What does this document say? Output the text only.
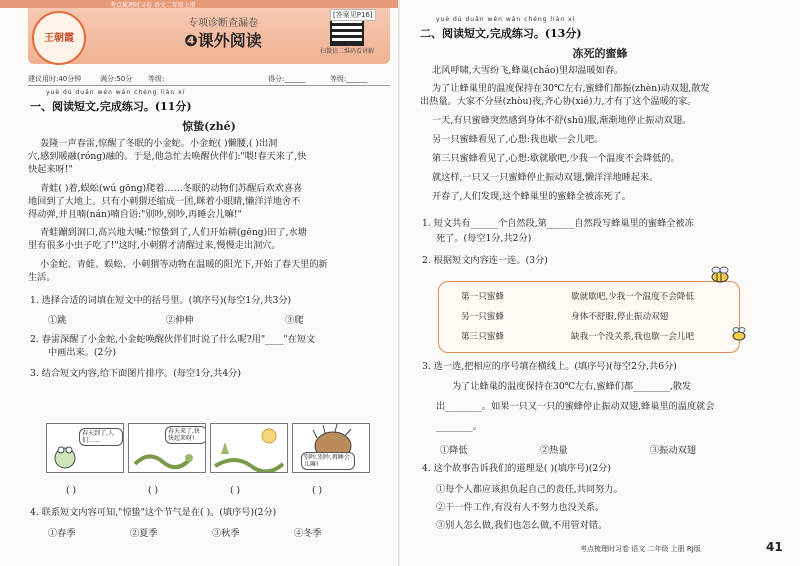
王朝霞
专项诊断查漏卷
❹课外阅读
扫微信二维码看讲解
[答案见P16]
建议用时:40分钟	满分:50分 等级:	得分:______	等级:______
yuè dú duǎn wén wán chéng liàn xí
一、阅读短文,完成练习。(11分)
惊蛰(zhé)
轰隆一声春雷,惊醒了冬眠的小金蛇。小金蛇( )懒腰,( )出洞
穴,感到暖融(róng)融的。于是,他急忙去唤醒伙伴们:"喂!春天来了,快
快起来呀!"
青蛙( )着,蜈蚣(wú gōng)爬着……冬眠的动物们苏醒后欢欢喜喜
地回到了大地上。只有小刺猬还缩成一团,眯着小眼睛,懒洋洋地舍不
得动弹,并且喃(nán)喃自语:"别吵,别吵,再睡会儿嘛!"
青蛙蹦到洞口,高兴地大喊:"惊蛰到了,人们开始耕(gēng)田了,水塘
里有很多小虫子吃了!"这时,小刺猬才清醒过来,慢慢走出洞穴。
小金蛇、青蛙、蜈蚣、小刺猬等动物在温暖的阳光下,开始了春天里的新
生活。
1. 选择合适的词填在短文中的括号里。(填序号)(每空1分,共3分)
①跳	②伸伸	③爬
2. 春雷深醒了小金蛇,小金蛇唤醒伙伴们时说了什么呢?用"____"在短文
中画出来。(2分)
3. 结合短文内容,给下面图片排序。(每空1分,共4分)
春天到了,人们……
春天来了,快快起来呀!
别吵,别吵,再睡会儿嘛!
( )	( )	( )	( )
4. 联系短文内容可知,"惊蛰"这个节气是在( )。(填序号)(2分)
①春季	②夏季	③秋季	④冬季
yuè dú duǎn wén wán chéng liàn xí
二、阅读短文,完成练习。(13分)
冻死的蜜蜂
北风呼啸,大雪纷飞,蜂巢(cháo)里却温暖如春。
为了让蜂巢里的温度保持在30℃左右,蜜蜂们都振(zhèn)动双翅,散发
出热量。大家不分昼(zhòu)夜,齐心协(xié)力,才有了这个温暖的家。
一天,有只蜜蜂突然感到身体不舒(shū)服,渐渐地停止振动双翅。
另一只蜜蜂看见了,心想:我也歇一会儿吧。
第三只蜜蜂看见了,心想:歇就歇吧,少我一个温度不会降低的。
就这样,一只又一只蜜蜂停止振动双翅,懒洋洋地睡起来。
开春了,人们发现,这个蜂巢里的蜜蜂全被冻死了。
1. 短文共有______个自然段,第______自然段写蜂巢里的蜜蜂全被冻
死了。(每空1分,共2分)
2. 根据短文内容连一连。(3分)
第一只蜜蜂
另一只蜜蜂
第三只蜜蜂
歇就歇吧,少我一个温度不会降低
身体不舒服,停止振动双翅
缺我一个没关系,我也歇一会儿吧
3. 选一选,把相应的序号填在横线上。(填序号)(每空2分,共6分)
为了让蜂巢的温度保持在30℃左右,蜜蜂们都________,散发
出________。如果一只又一只的蜜蜂停止振动双翅,蜂巢里的温度就会
________。
①降低	②热量	③振动双翅
4. 这个故事告诉我们的道理是( )(填序号)(2分)
①每个人都应该担负起自己的责任,共同努力。
②干一件工作,有没有人不努力也没关系。
③别人怎么做,我们也怎么做,不用管对错。
考点梳理时习卷 语文 二年级 上册 RJ版	41
考点梳理时习卷 语文二年级上册
